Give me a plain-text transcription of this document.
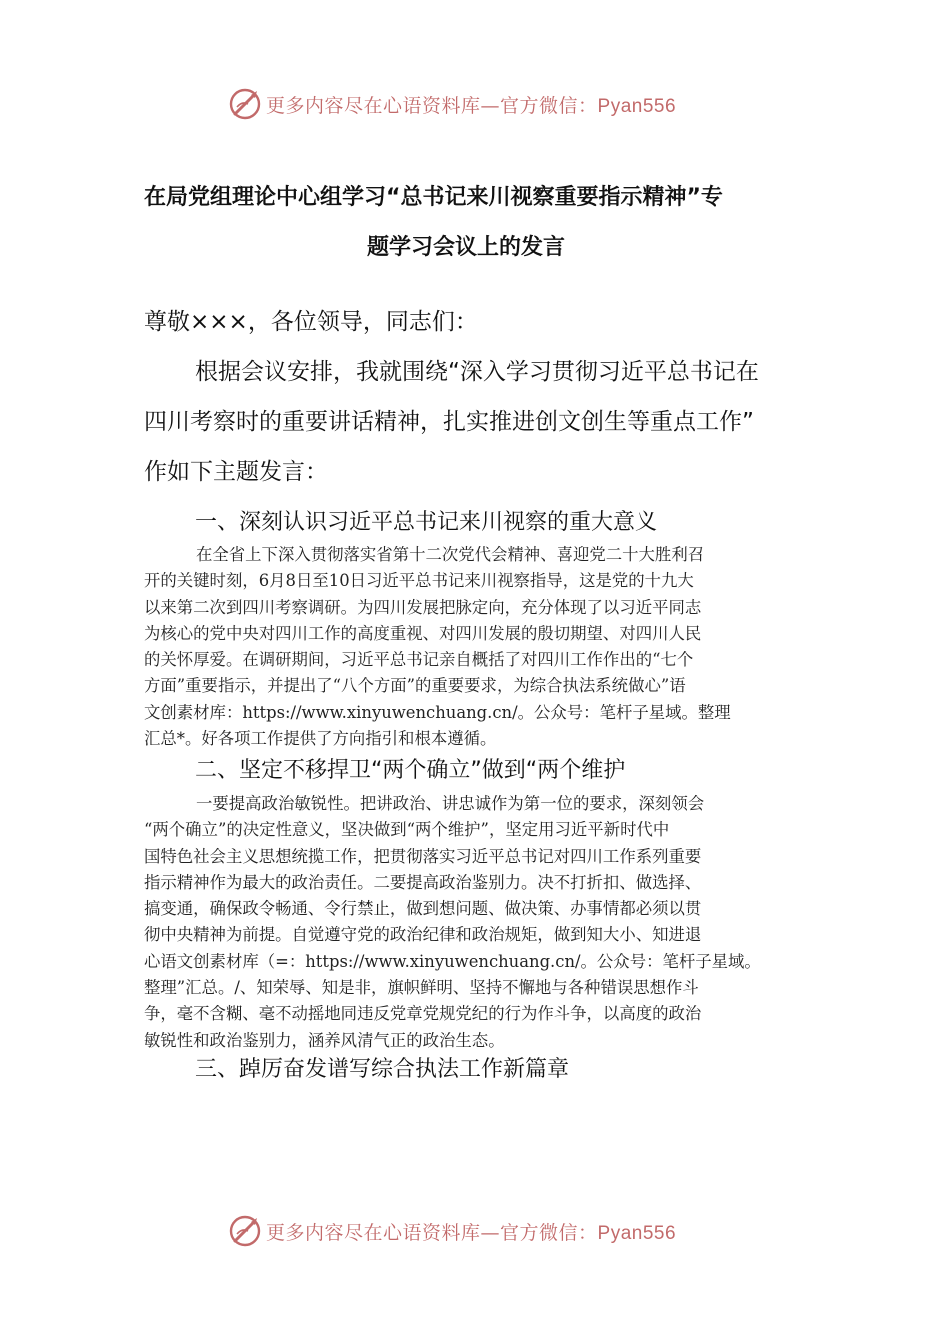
更多内容尽在心语资料库—官方微信：Pyan556
在局党组理论中心组学习“总书记来川视察重要指示精神”专
题学习会议上的发言
尊敬×××，各位领导，同志们：
根据会议安排，我就围绕“深入学习贯彻习近平总书记在
四川考察时的重要讲话精神，扎实推进创文创生等重点工作”
作如下主题发言：
一、深刻认识习近平总书记来川视察的重大意义
在全省上下深入贯彻落实省第十二次党代会精神、喜迎党二十大胜利召
开的关键时刻，6月8日至10日习近平总书记来川视察指导，这是党的十九大
以来第二次到四川考察调研。为四川发展把脉定向，充分体现了以习近平同志
为核心的党中央对四川工作的高度重视、对四川发展的殷切期望、对四川人民
的关怀厚爱。在调研期间，习近平总书记亲自概括了对四川工作作出的“七个
方面”重要指示，并提出了“八个方面”的重要要求，为综合执法系统做心”语
文创素材库：https://www.xinyuwenchuang.cn/。公众号：笔杆子星域。整理
汇总*。好各项工作提供了方向指引和根本遵循。
二、坚定不移捍卫“两个确立”做到“两个维护
一要提高政治敏锐性。把讲政治、讲忠诚作为第一位的要求，深刻领会
“两个确立”的决定性意义，坚决做到“两个维护”，坚定用习近平新时代中
国特色社会主义思想统揽工作，把贯彻落实习近平总书记对四川工作系列重要
指示精神作为最大的政治责任。二要提高政治鉴别力。决不打折扣、做选择、
搞变通，确保政令畅通、令行禁止，做到想问题、做决策、办事情都必须以贯
彻中央精神为前提。自觉遵守党的政治纪律和政治规矩，做到知大小、知进退
心语文创素材库（=：https://www.xinyuwenchuang.cn/。公众号：笔杆子星域。
整理”汇总。/、知荣辱、知是非，旗帜鲜明、坚持不懈地与各种错误思想作斗
争，毫不含糊、毫不动摇地同违反党章党规党纪的行为作斗争，以高度的政治
敏锐性和政治鉴别力，涵养风清气正的政治生态。
三、踔厉奋发谱写综合执法工作新篇章
更多内容尽在心语资料库—官方微信：Pyan556
